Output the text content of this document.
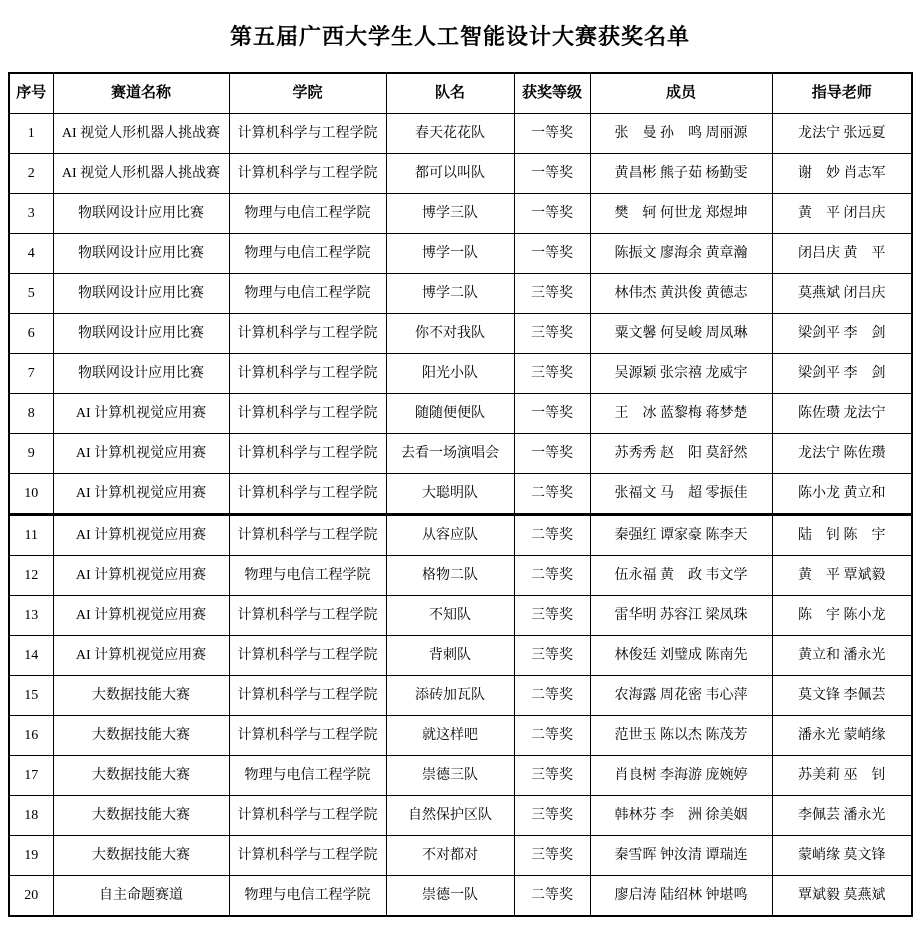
第五届广西大学生人工智能设计大赛获奖名单
序号	赛道名称	学院	队名	获奖等级	成员	指导老师
1	AI 视觉人形机器人挑战赛	计算机科学与工程学院	春天花花队	一等奖	张　曼 孙　鸣 周丽源	龙法宁 张远夏
2	AI 视觉人形机器人挑战赛	计算机科学与工程学院	都可以叫队	一等奖	黄昌彬 熊子茹 杨勤雯	谢　妙 肖志军
3	物联网设计应用比赛	物理与电信工程学院	博学三队	一等奖	樊　轲 何世龙 郑煜坤	黄　平 闭吕庆
4	物联网设计应用比赛	物理与电信工程学院	博学一队	一等奖	陈振文 廖海余 黄章瀚	闭吕庆 黄　平
5	物联网设计应用比赛	物理与电信工程学院	博学二队	三等奖	林伟杰 黄洪俊 黄德志	莫燕斌 闭吕庆
6	物联网设计应用比赛	计算机科学与工程学院	你不对我队	三等奖	粟文馨 何旻峻 周凤琳	梁剑平 李　剑
7	物联网设计应用比赛	计算机科学与工程学院	阳光小队	三等奖	吴源颖 张宗禧 龙威宇	梁剑平 李　剑
8	AI 计算机视觉应用赛	计算机科学与工程学院	随随便便队	一等奖	王　冰 蓝黎梅 蒋梦楚	陈佐瓒 龙法宁
9	AI 计算机视觉应用赛	计算机科学与工程学院	去看一场演唱会	一等奖	苏秀秀 赵　阳 莫舒然	龙法宁 陈佐瓒
10	AI 计算机视觉应用赛	计算机科学与工程学院	大聪明队	二等奖	张福文 马　超 零振佳	陈小龙 黄立和
11	AI 计算机视觉应用赛	计算机科学与工程学院	从容应队	二等奖	秦强红 谭家豪 陈李天	陆　钊 陈　宇
12	AI 计算机视觉应用赛	物理与电信工程学院	格物二队	二等奖	伍永福 黄　政 韦文学	黄　平 覃斌毅
13	AI 计算机视觉应用赛	计算机科学与工程学院	不知队	三等奖	雷华明 苏容江 梁凤珠	陈　宇 陈小龙
14	AI 计算机视觉应用赛	计算机科学与工程学院	背刺队	三等奖	林俊廷 刘璧成 陈南先	黄立和 潘永光
15	大数据技能大赛	计算机科学与工程学院	添砖加瓦队	二等奖	农海露 周花密 韦心萍	莫文锋 李佩芸
16	大数据技能大赛	计算机科学与工程学院	就这样吧	二等奖	范世玉 陈以杰 陈茂芳	潘永光 蒙峭缘
17	大数据技能大赛	物理与电信工程学院	崇德三队	三等奖	肖良树 李海游 庞婉婷	苏美莉 巫　钊
18	大数据技能大赛	计算机科学与工程学院	自然保护区队	三等奖	韩林芬 李　洲 徐美姻	李佩芸 潘永光
19	大数据技能大赛	计算机科学与工程学院	不对都对	三等奖	秦雪晖 钟汝清 谭瑞连	蒙峭缘 莫文锋
20	自主命题赛道	物理与电信工程学院	崇德一队	二等奖	廖启涛 陆绍林 钟堪鸣	覃斌毅 莫燕斌
